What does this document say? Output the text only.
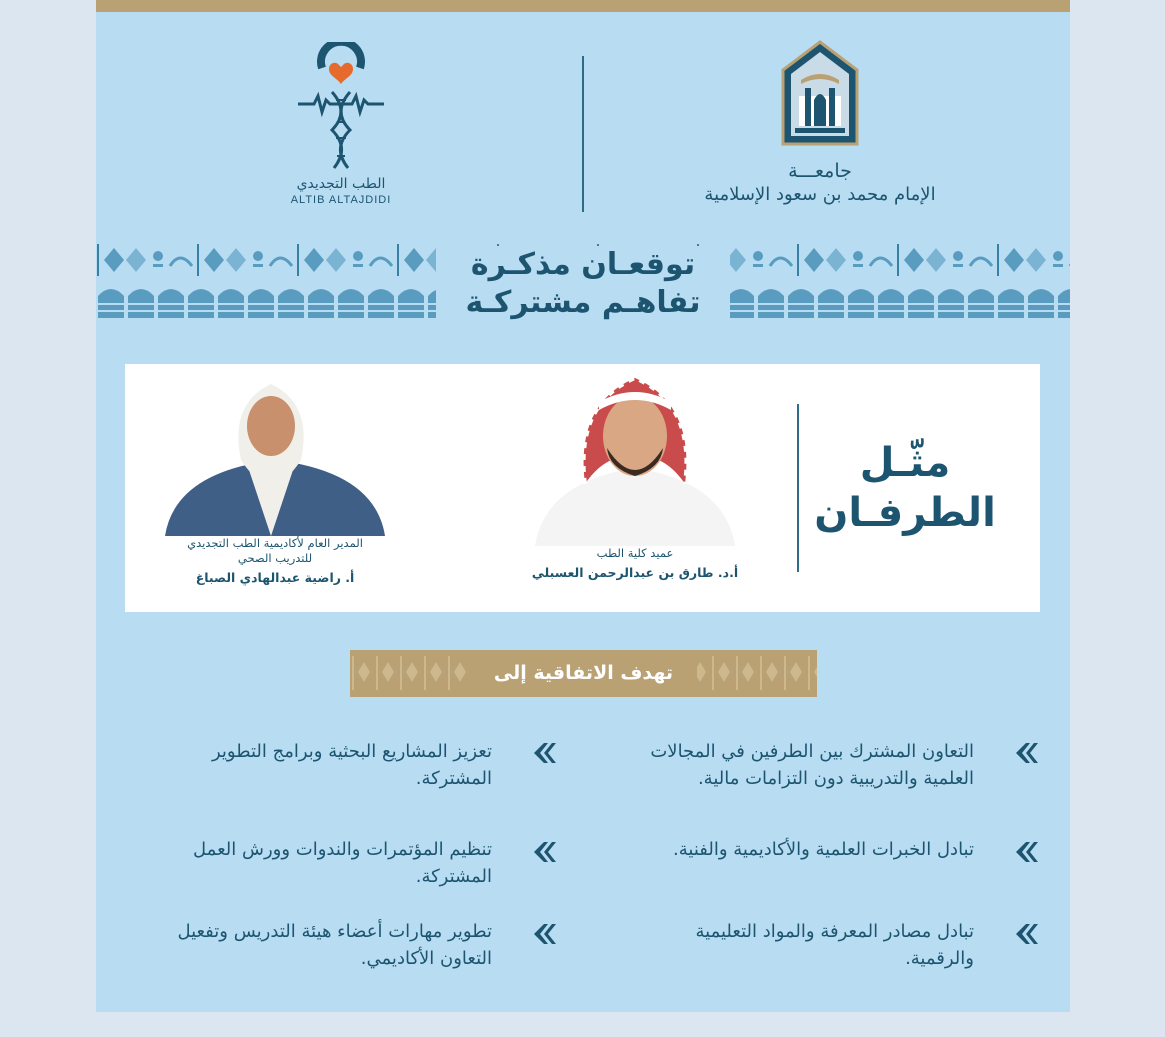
جامعـــة
الإمام محمد بن سعود الإسلامية
الطب التجديدي
ALTIB ALTAJDIDI
توقعـان مذكـرة
تفاهـم مشتركـة
مثّـل
الطرفـان
عميد كلية الطب
أ.د. طارق بن عبدالرحمن العسبلي
المدير العام لأكاديمية الطب التجديدي
للتدريب الصحي
أ. راضية عبدالهادي الصباغ
تهدف الاتفاقية إلى
التعاون المشترك بين الطرفين في المجالات العلمية والتدريبية دون التزامات مالية.
تعزيز المشاريع البحثية وبرامج التطوير المشتركة.
تبادل الخبرات العلمية والأكاديمية والفنية.
تنظيم المؤتمرات والندوات وورش العمل المشتركة.
تبادل مصادر المعرفة والمواد التعليمية والرقمية.
تطوير مهارات أعضاء هيئة التدريس وتفعيل التعاون الأكاديمي.
